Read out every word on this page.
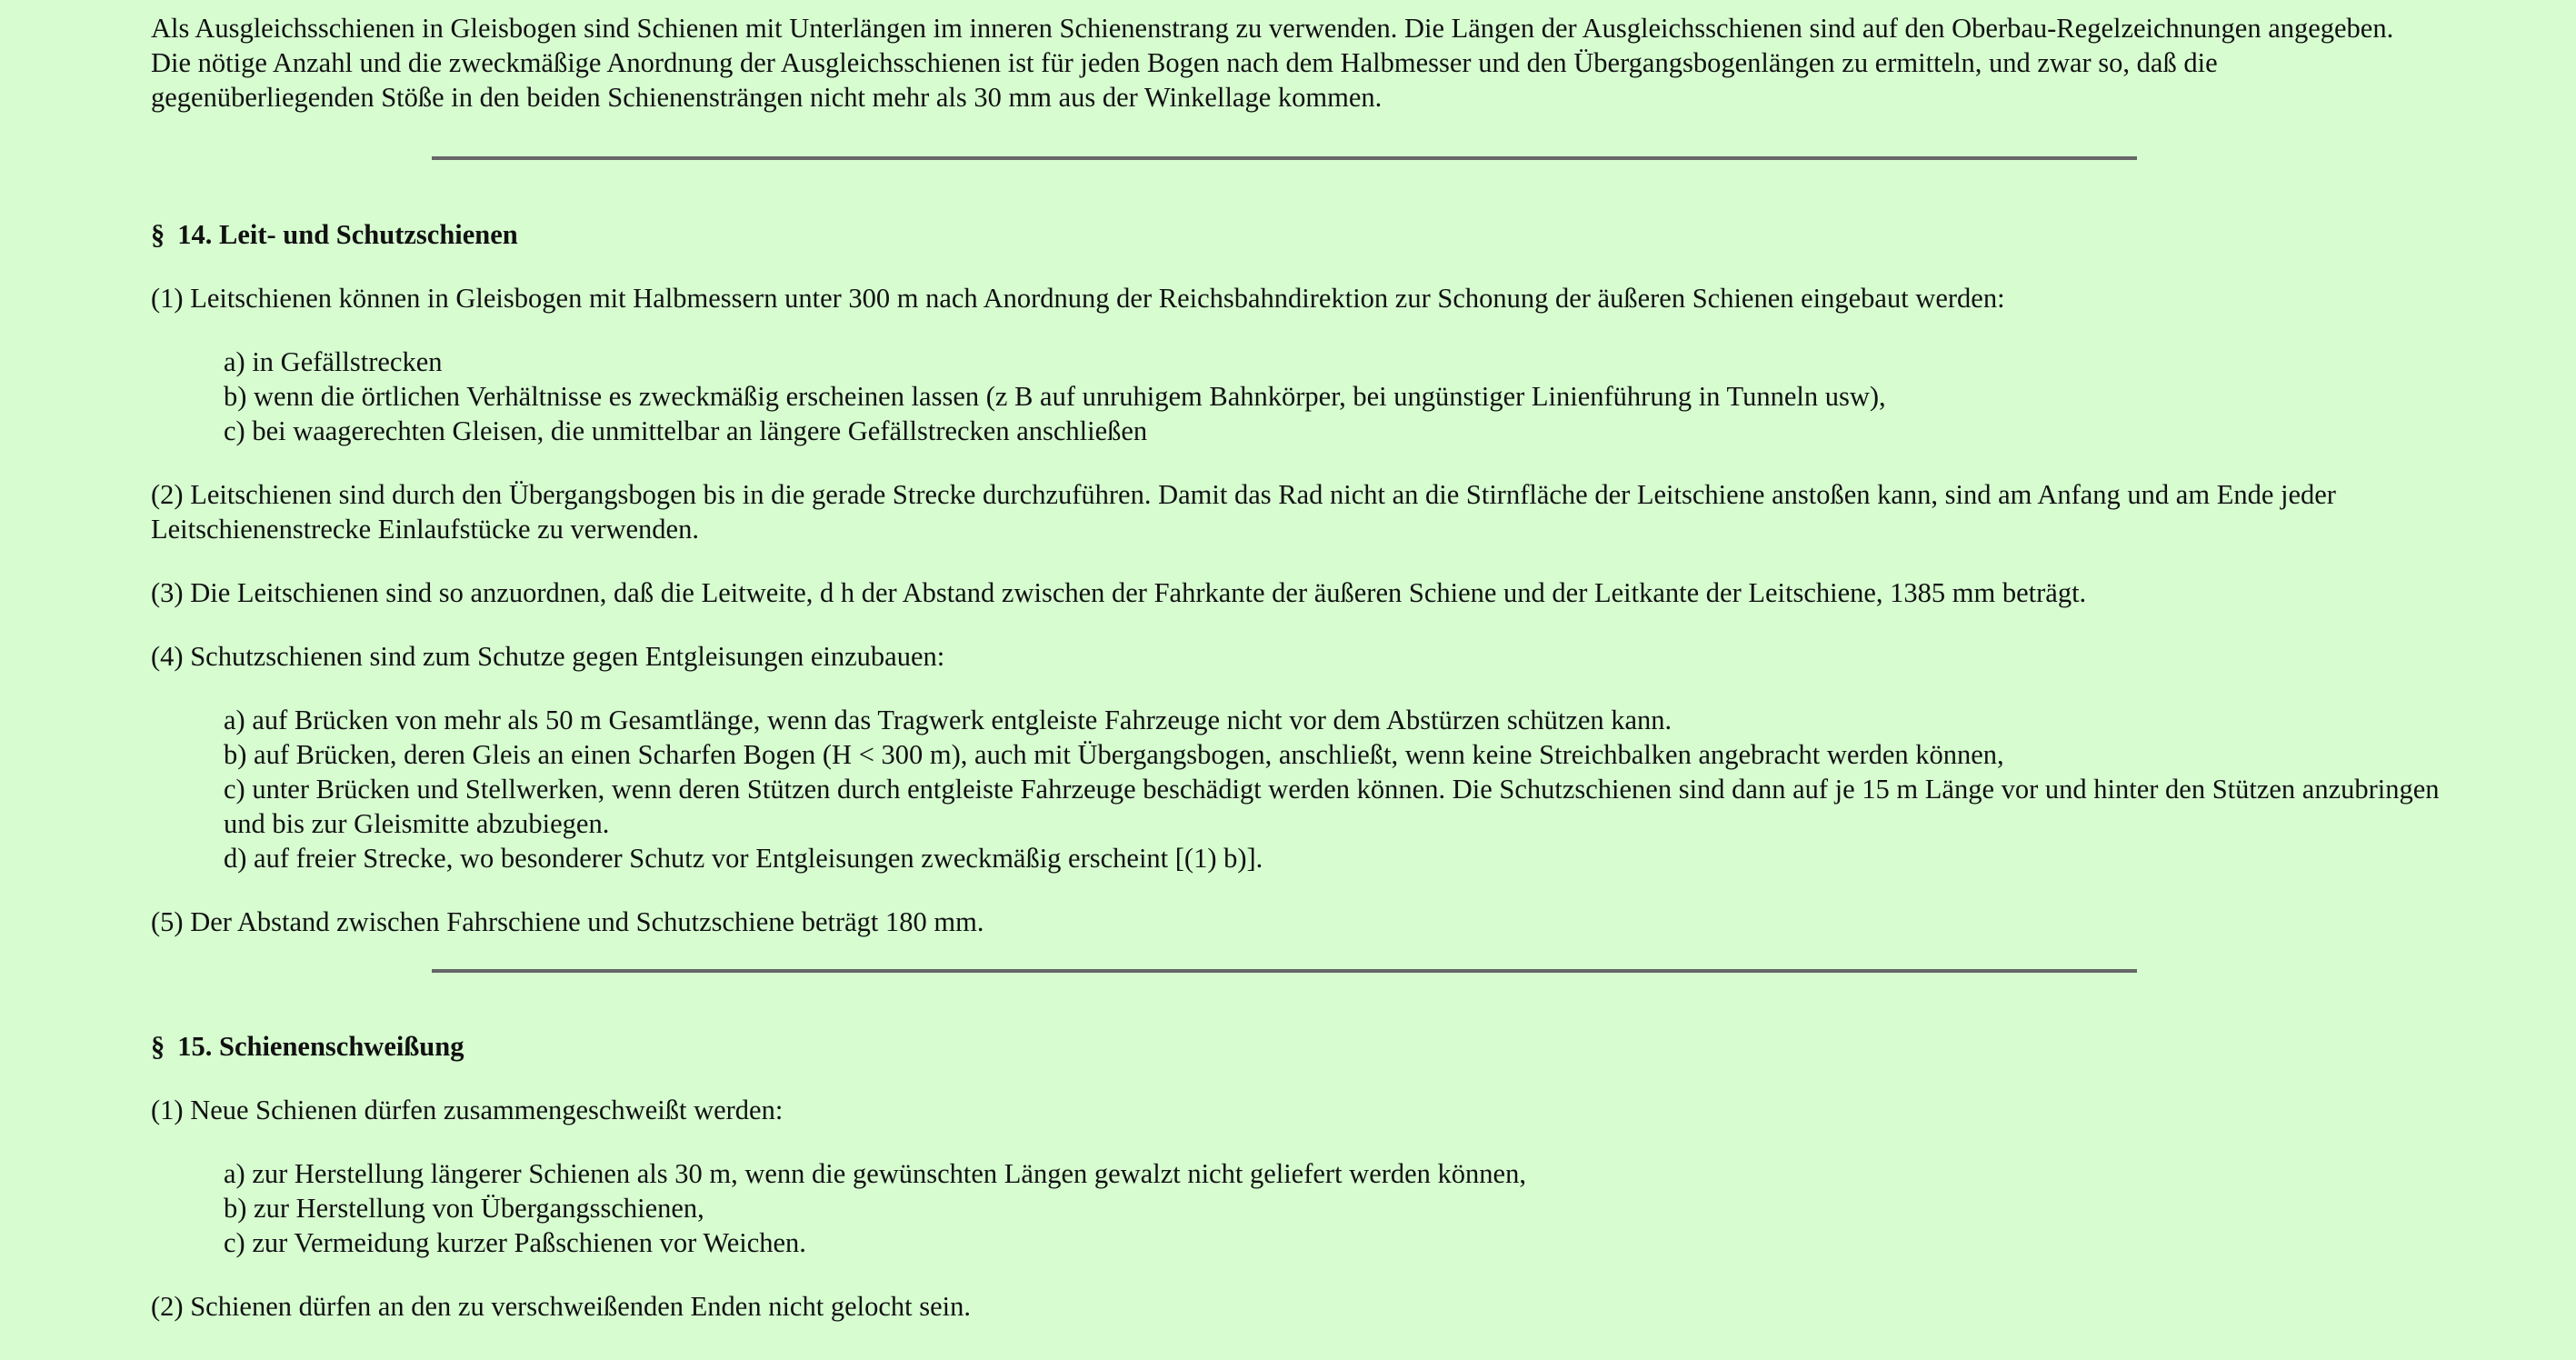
Als Ausgleichsschienen in Gleisbogen sind Schienen mit Unterlängen im inneren Schienenstrang zu verwenden. Die Längen der Ausgleichsschienen sind auf den Oberbau-Regelzeichnungen angegeben.

Die nötige Anzahl und die zweckmäßige Anordnung der Ausgleichsschienen ist für jeden Bogen nach dem Halbmesser und den Übergangsbogenlängen zu ermitteln, und zwar so, daß die gegenüberliegenden Stöße in den beiden Schienensträngen nicht mehr als 30 mm aus der Winkellage kommen.

§ 14. Leit- und Schutzschienen

(1) Leitschienen können in Gleisbogen mit Halbmessern unter 300 m nach Anordnung der Reichsbahndirektion zur Schonung der äußeren Schienen eingebaut werden:

a) in Gefällstrecken
b) wenn die örtlichen Verhältnisse es zweckmäßig erscheinen lassen (z B auf unruhigem Bahnkörper, bei ungünstiger Linienführung in Tunneln usw),
c) bei waagerechten Gleisen, die unmittelbar an längere Gefällstrecken anschließen

(2) Leitschienen sind durch den Übergangsbogen bis in die gerade Strecke durchzuführen. Damit das Rad nicht an die Stirnfläche der Leitschiene anstoßen kann, sind am Anfang und am Ende jeder Leitschienenstrecke Einlaufstücke zu verwenden.

(3) Die Leitschienen sind so anzuordnen, daß die Leitweite, d h der Abstand zwischen der Fahrkante der äußeren Schiene und der Leitkante der Leitschiene, 1385 mm beträgt.

(4) Schutzschienen sind zum Schutze gegen Entgleisungen einzubauen:

a) auf Brücken von mehr als 50 m Gesamtlänge, wenn das Tragwerk entgleiste Fahrzeuge nicht vor dem Abstürzen schützen kann.
b) auf Brücken, deren Gleis an einen Scharfen Bogen (H < 300 m), auch mit Übergangsbogen, anschließt, wenn keine Streichbalken angebracht werden können,
c) unter Brücken und Stellwerken, wenn deren Stützen durch entgleiste Fahrzeuge beschädigt werden können. Die Schutzschienen sind dann auf je 15 m Länge vor und hinter den Stützen anzubringen und bis zur Gleismitte abzubiegen.
d) auf freier Strecke, wo besonderer Schutz vor Entgleisungen zweckmäßig erscheint [(1) b)].

(5) Der Abstand zwischen Fahrschiene und Schutzschiene beträgt 180 mm.

§ 15. Schienenschweißung

(1) Neue Schienen dürfen zusammengeschweißt werden:

a) zur Herstellung längerer Schienen als 30 m, wenn die gewünschten Längen gewalzt nicht geliefert werden können,
b) zur Herstellung von Übergangsschienen,
c) zur Vermeidung kurzer Paßschienen vor Weichen.

(2) Schienen dürfen an den zu verschweißenden Enden nicht gelocht sein.
